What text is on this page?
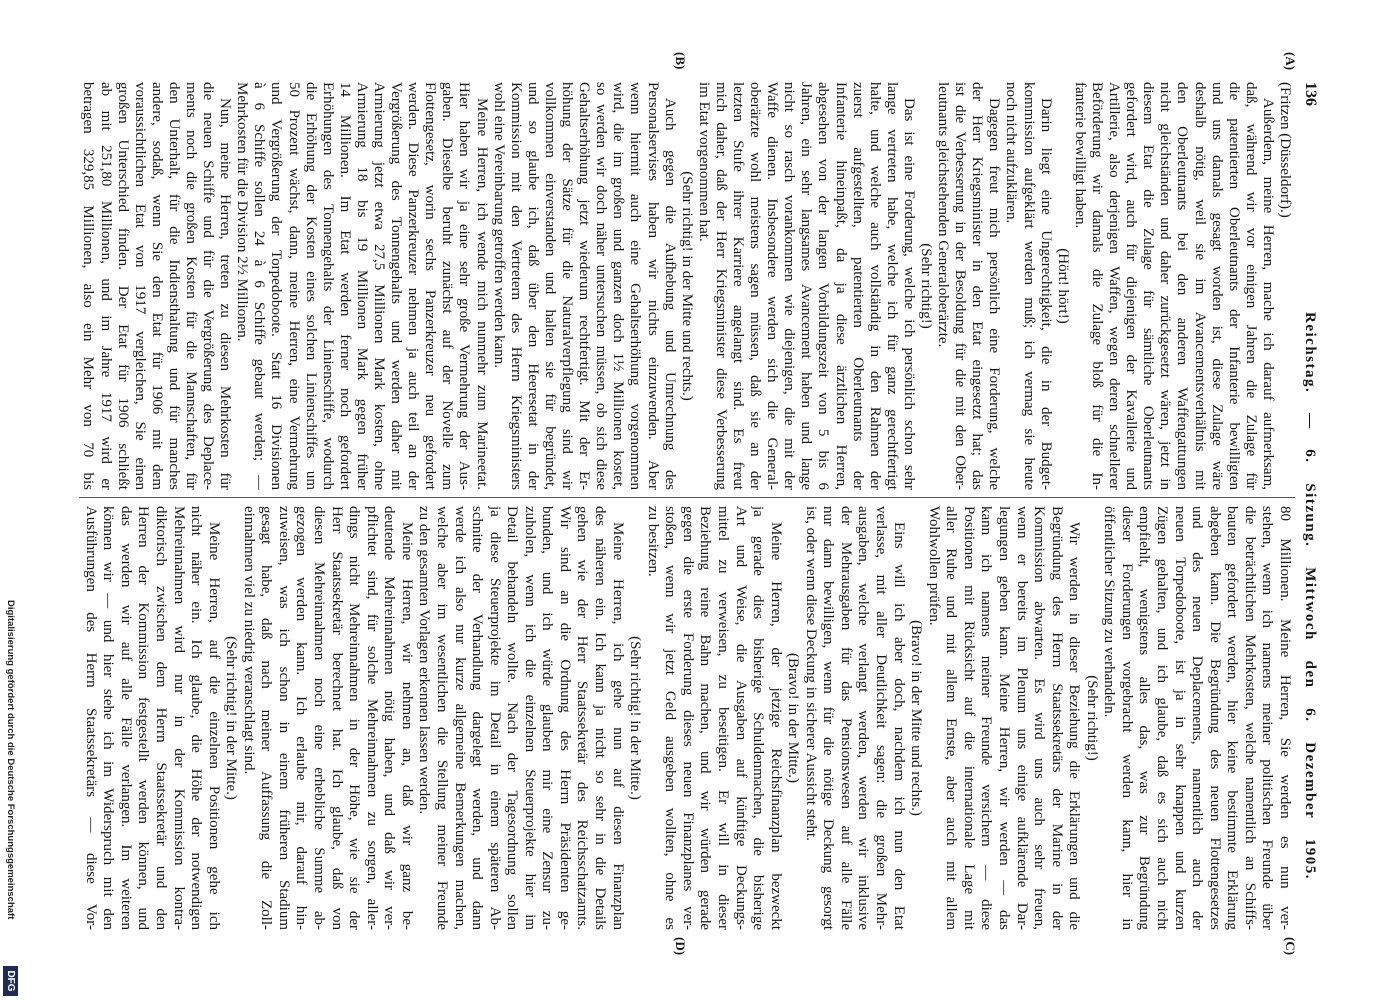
136
Reichstag. — 6. Sitzung. Mittwoch den 6. Dezember 1905.
(A)
(B)
(C)
(D)
(Fritzen (Düsseldorf).)
Außerdem, meine Herren, mache ich darauf aufmerksam,
daß, während wir vor einigen Jahren die Zulage für
die patentierten Oberleutnants der Infanterie bewilligten
und uns damals gesagt worden ist, diese Zulage wäre
deshalb nötig, weil sie im Avancementsverhältnis mit
den Oberleutnants bei den anderen Waffengattungen
nicht gleichständen und daher zurückgesetzt wären, jetzt in
diesem Etat die Zulage für sämtliche Oberleutnants
gefordert wird, auch für diejenigen der Kavallerie und
Artillerie, also derjenigen Waffen, wegen deren schnellerer
Beförderung wir damals die Zulage bloß für die In-
fanterie bewilligt haben.
(Hört! hört!)
Darin liegt eine Ungerechtigkeit, die in der Budget-
kommission aufgeklärt werden muß; ich vermag sie heute
noch nicht aufzuklären.
Dagegen freut mich persönlich eine Forderung, welche
der Herr Kriegsminister in den Etat eingesetzt hat; das
ist die Verbesserung in der Besoldung für die mit den Ober-
leutnants gleichstehenden Generaloberärzte.
(Sehr richtig!)
Das ist eine Forderung, welche ich persönlich schon sehr
lange vertreten habe, welche ich für ganz gerechtfertigt
halte, und welche auch vollständig in den Rahmen der
zuerst aufgestellten, patentierten Oberleutnants der
Infanterie hineinpaßt, da ja diese ärztlichen Herren,
abgesehen von der langen Vorbildungszeit von 5 bis 6
Jahren, ein sehr langsames Avancement haben und lange
nicht so rasch vorankommen wie diejenigen, die mit der
Waffe dienen. Insbesondere werden sich die General-
oberärzte wohl meistens sagen müssen, daß sie an der
letzten Stufe ihrer Karriere angelangt sind. Es freut
mich daher, daß der Herr Kriegsminister diese Verbesserung
im Etat vorgenommen hat.
(Sehr richtig! in der Mitte und rechts.)
Auch gegen die Aufhebung und Umrechnung des
Personalservises haben wir nichts einzuwenden. Aber
wenn hiermit auch eine Gehaltserhöhung vorgenommen
wird, die im großen und ganzen doch 1½ Millionen kostet,
so werden wir doch näher untersuchen müssen, ob sich diese
Gehaltserhöhung jetzt wiederum rechtfertigt. Mit der Er-
höhung der Sätze für die Naturalverpflegung sind wir
vollkommen einverstanden und halten sie für begründet,
und so glaube ich, daß über den Heeresetat in der
Kommission mit den Vertretern des Herrn Kriegsministers
wohl eine Vereinbarung getroffen werden kann.
Meine Herren, ich wende mich nunmehr zum Marineetat.
Hier haben wir ja eine sehr große Vermehrung der Aus-
gaben. Dieselbe beruht zunächst auf der Novelle zum
Flottengesetz, worin sechs Panzerkreuzer neu gefordert
werden. Diese Panzerkreuzer nehmen ja auch teil an der
Vergrößerung des Tonnengehalts und werden daher mit
Armierung jetzt etwa 27,5 Millionen Mark kosten, ohne
Armierung 18 bis 19 Millionen Mark gegen früher
14 Millionen. Im Etat werden ferner noch gefordert
Erhöhungen des Tonnengehalts der Linienschiffe, wodurch
die Erhöhung der Kosten eines solchen Linienschiffes um
50 Prozent wächst, dann, meine Herren, eine Vermehrung
und Vergrößerung der Torpedoboote. Statt 16 Divisionen
à 6 Schiffe sollen 24 à 6 Schiffe gebaut werden; —
Mehrkosten für die Division 2½ Millionen.
Nun, meine Herren, treten zu diesen Mehrkosten für
die neuen Schiffe und für die Vergrößerung des Deplace-
ments noch die großen Kosten für die Mannschaften, für
den Unterhalt, für die Indiensthaltung und für manches
andere, sodaß, wenn Sie den Etat für 1906 mit dem
voraussichtlichen Etat von 1917 vergleichen, Sie einen
großen Unterschied finden. Der Etat für 1906 schließt
ab mit 251,80 Millionen, und im Jahre 1917 wird er
betragen 329,85 Millionen, also ein Mehr von 70 bis
80 Millionen. Meine Herren, Sie werden es nun ver-
stehen, wenn ich namens meiner politischen Freunde über
die beträchtlichen Mehrkosten, welche namentlich an Schiffs-
bauten gefordert werden, hier keine bestimmte Erklärung
abgeben kann. Die Begründung des neuen Flottengesetzes
und des neuen Deplacements, namentlich auch der
neuen Torpedoboote, ist ja in sehr knappen und kurzen
Zügen gehalten, und ich glaube, daß es sich auch nicht
empfiehlt, wenigstens alles das, was zur Begründung
dieser Forderungen vorgebracht werden kann, hier in
öffentlicher Sitzung zu verhandeln.
(Sehr richtig!)
Wir werden in dieser Beziehung die Erklärungen und die
Begründung des Herrn Staatssekretärs der Marine in der
Kommission abwarten. Es wird uns auch sehr freuen,
wenn er bereits im Plenum uns einige aufklärende Dar-
legungen geben kann. Meine Herren, wir werden — das
kann ich namens meiner Freunde versichern — diese
Positionen mit Rücksicht auf die internationale Lage mit
aller Ruhe und mit allem Ernste, aber auch mit allem
Wohlwollen prüfen.
(Bravo! in der Mitte und rechts.)
Eins will ich aber doch, nachdem ich nun den Etat
verlasse, mit aller Deutlichkeit sagen: die großen Mehr-
ausgaben, welche verlangt werden, werden wir inklusive
der Mehrausgaben für das Pensionswesen auf alle Fälle
nur dann bewilligen, wenn für die nötige Deckung gesorgt
ist, oder wenn diese Deckung in sicherer Aussicht steht.
(Bravo! in der Mitte.)
Meine Herren, der jetzige Reichsfinanzplan bezweckt
ja gerade dies bisherige Schuldenmachen, die bisherige
Art und Weise, die Ausgaben auf künftige Deckungs-
mittel zu verweisen, zu beseitigen. Er will in dieser
Beziehung reine Bahn machen, und wir würden gerade
gegen die erste Forderung dieses neuen Finanzplanes ver-
stoßen, wenn wir jetzt Geld ausgeben wollten, ohne es
zu besitzen.
(Sehr richtig! in der Mitte.)
Meine Herren, ich gehe nun auf diesen Finanzplan
des näheren ein. Ich kann ja nicht so sehr in die Details
gehen wie der Herr Staatssekretär des Reichsschatzamts.
Wir sind an die Ordnung des Herrn Präsidenten ge-
bunden, und ich würde glauben mir eine Zensur zu-
zuholen, wenn ich die einzelnen Steuerprojekte hier im
Detail behandeln wollte. Nach der Tagesordnung sollen
ja diese Steuerprojekte im Detail in einem späteren Ab-
schnitte der Verhandlung dargelegt werden, und dann
werde ich also nur kurze allgemeine Bemerkungen machen,
welche aber im wesentlichen die Stellung meiner Freunde
zu den gesamten Vorlagen erkennen lassen werden.
Meine Herren, wir nehmen an, daß wir ganz be-
deutende Mehreinnahmen nötig haben, und daß wir ver-
pflichtet sind, für solche Mehreinnahmen zu sorgen, aller-
dings nicht Mehreinnahmen in der Höhe, wie sie der
Herr Staatssekretär berechnet hat. Ich glaube, daß von
diesen Mehreinnahmen noch eine erhebliche Summe ab-
gezogen werden kann. Ich erlaube mir, darauf hin-
zuweisen, was ich schon in einem früheren Stadium
gesagt habe, daß nach meiner Auffassung die Zoll-
einnahmen viel zu niedrig veranschlagt sind.
(Sehr richtig! in der Mitte.)
Meine Herren, auf die einzelnen Positionen gehe ich
nicht näher ein. Ich glaube, die Höhe der notwendigen
Mehreinnahmen wird nur in der Kommission kontra-
diktorisch zwischen dem Herrn Staatssekretär und den
Herren der Kommission festgestellt werden können, und
das werden wir auf alle Fälle verlangen. Im weiteren
können wir — und hier stehe ich im Widerspruch mit den
Ausführungen des Herrn Staatssekretärs — diese Vor-
Digitalisierung gefördert durch die Deutsche Forschungsgemeinschaft
DFG
